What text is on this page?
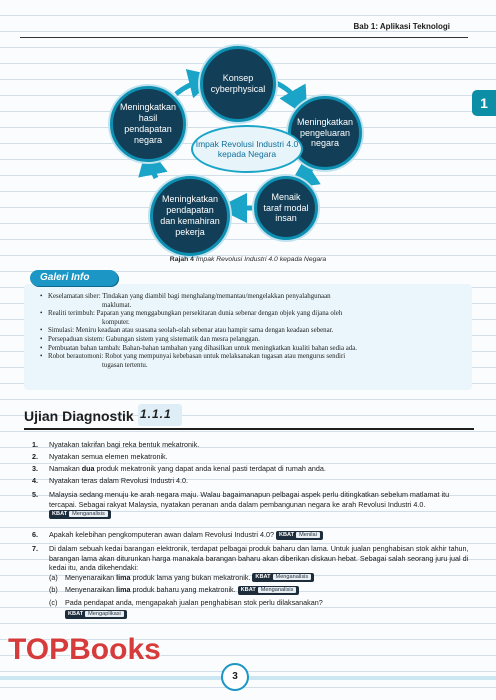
Bab 1: Aplikasi Teknologi
1
Konsep cyberphysical
Meningkatkan pengeluaran negara
Menaik taraf modal insan
Meningkatkan pendapatan dan kemahiran pekerja
Meningkatkan hasil pendapatan negara	Impak Revolusi Industri 4.0 kepada Negara
Rajah 4 Impak Revolusi Industri 4.0 kepada Negara
• Keselamatan siber: Tindakan yang diambil bagi menghalang/memantau/mengelakkan penyalahgunaan
maklumat.
• Realiti terimbuh: Paparan yang menggabungkan persekitaran dunia sebenar dengan objek yang dijana oleh
komputer.
• Simulasi: Meniru keadaan atau suasana seolah-olah sebenar atau hampir sama dengan keadaan sebenar.
• Persepaduan sistem: Gabungan sistem yang sistematik dan mesra pelanggan.
• Pembuatan bahan tambah: Bahan-bahan tambahan yang dihasilkan untuk meningkatkan kualiti bahan sedia ada.
• Robot berautomoni: Robot yang mempunyai kebebasan untuk melaksanakan tugasan atau mengurus sendiri
tugasan tertentu.
Galeri Info
Ujian Diagnostik 1.1.1
1.	Nyatakan takrifan bagi reka bentuk mekatronik.
2.	Nyatakan semua elemen mekatronik.
3.	Namakan dua produk mekatronik yang dapat anda kenal pasti terdapat di rumah anda.
4.	Nyatakan teras dalam Revolusi Industri 4.0.
5.	Malaysia sedang menuju ke arah negara maju. Walau bagaimanapun pelbagai aspek perlu ditingkatkan sebelum matlamat itu tercapai. Sebagai rakyat Malaysia, nyatakan peranan anda dalam pembangunan negara ke arah Revolusi Industri 4.0. KBAT Menganalisis
6.	Apakah kelebihan pengkomputeran awan dalam Revolusi Industri 4.0? KBAT Menilai
7.	Di dalam sebuah kedai barangan elektronik, terdapat pelbagai produk baharu dan lama. Untuk jualan penghabisan stok akhir tahun, barangan lama akan diturunkan harga manakala barangan baharu akan diberikan diskaun hebat. Sebagai salah seorang juru jual di kedai itu, anda dikehendaki:
(a) Menyenaraikan lima produk lama yang bukan mekatronik. KBAT Menganalisis
(b) Menyenaraikan lima produk baharu yang mekatronik. KBAT Menganalisis
(c) Pada pendapat anda, mengapakah jualan penghabisan stok perlu dilaksanakan?
KBAT Mengaplikasi
TOPBooks
3
